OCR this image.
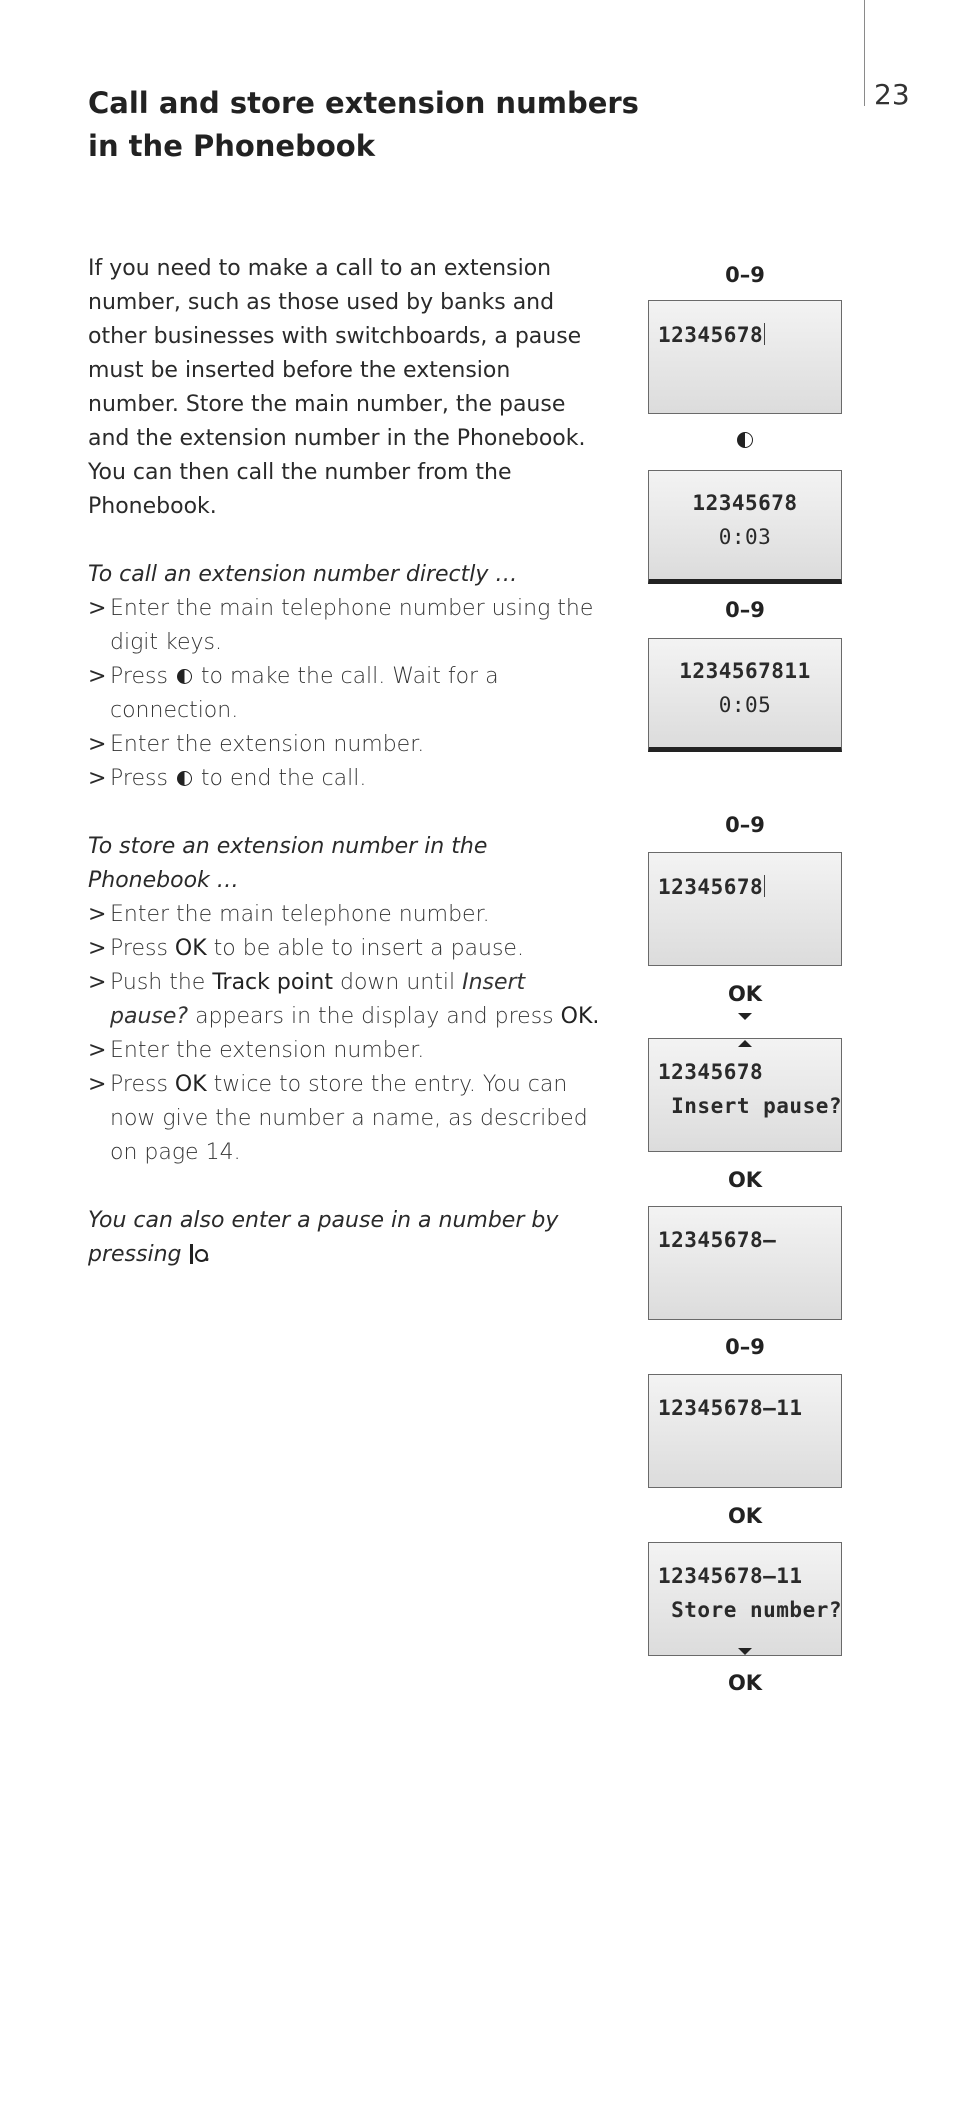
23
Call and store extension numbers in the Phonebook

If you need to make a call to an extension number, such as those used by banks and other businesses with switchboards, a pause must be inserted before the extension number. Store the main number, the pause and the extension number in the Phonebook. You can then call the number from the Phonebook.

To call an extension number directly …

> Enter the main telephone number using the digit keys.
> Press  to make the call. Wait for a connection.
> Enter the extension number.
> Press  to end the call.

To store an extension number in the Phonebook …

> Enter the main telephone number.
> Press OK to be able to insert a pause.
> Push the Track point down until Insert pause? appears in the display and press OK.
> Enter the extension number.
> Press OK twice to store the entry. You can now give the number a name, as described on page 14.

You can also enter a pause in a number by pressing .

0–9
12345678
12345678
0:03
0–9
1234567811
0:05
0–9
12345678
OK
12345678
Insert pause?
OK
12345678–
0–9
12345678–11
OK
12345678–11
Store number?
OK
